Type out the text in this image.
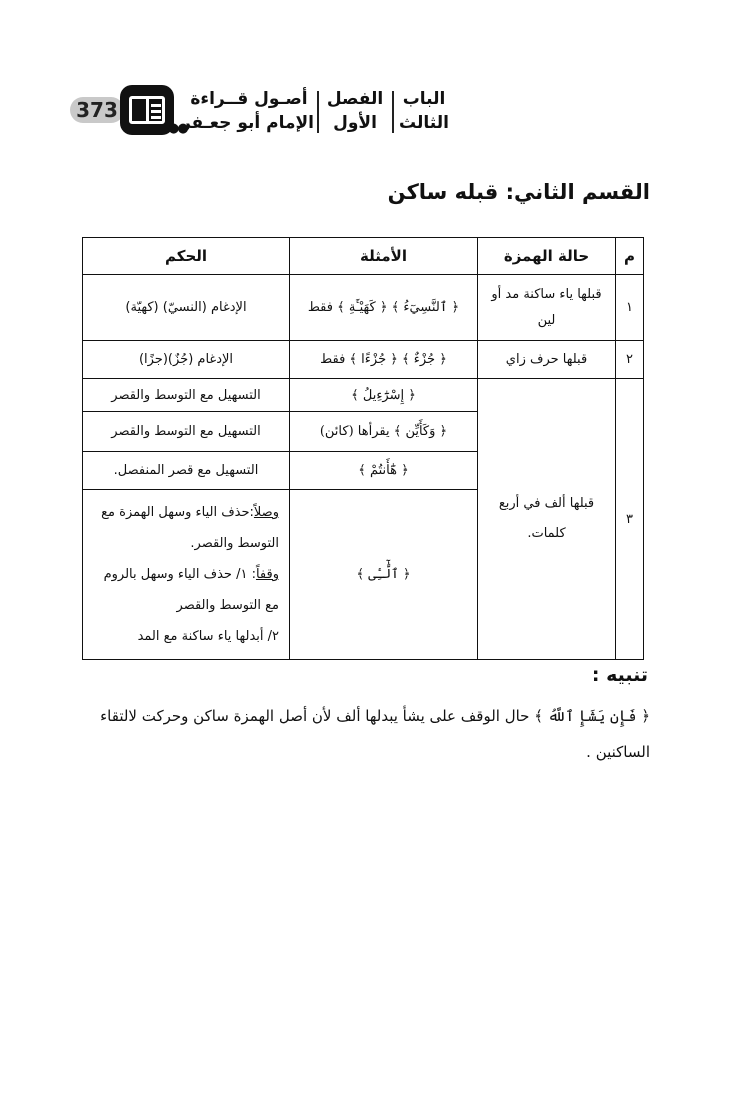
373
●●
أصـول قــراءة
الإمام أبو جعـفر
الفصل
الأول
الباب
الثالث
القسم الثاني: قبله ساكن
م	حالة الهمزة	الأمثلة	الحكم
١	قبلها ياء ساكنة مد أو لين	﴿ ٱلنَّسِيٓءُ ﴾ ﴿ كَهَيْـَٔةِ ﴾ فقط	الإدغام (النسيّ) (كهيّة)
٢	قبلها حرف زاي	﴿ جُزْءٌ ﴾ ﴿ جُزْءًا ﴾ فقط	الإدغام (جُزٌ)(جزًا)
٣	قبلها ألف في أربع كلمات.	﴿ إِسْرَٰٓءِيلُ ﴾	التسهيل مع التوسط والقصر
		﴿ وَكَأَيِّن ﴾ يقرأها (كائن)	التسهيل مع التوسط والقصر
		﴿ هَٰٓأَنتُمْ ﴾	التسهيل مع قصر المنفصل.
		﴿ ٱلَّٰٓـِٔى ﴾	وصلاً:حذف الياء وسهل الهمزة مع التوسط والقصر.
وقفاً: ١/ حذف الياء وسهل بالروم مع التوسط والقصر
٢/ أبدلها ياء ساكنة مع المد
تنبيه :
﴿ فَإِن يَشَإِ ٱللَّهُ ﴾ حال الوقف على يشأ يبدلها ألف لأن أصل الهمزة ساكن وحركت لالتقاء الساكنين .
